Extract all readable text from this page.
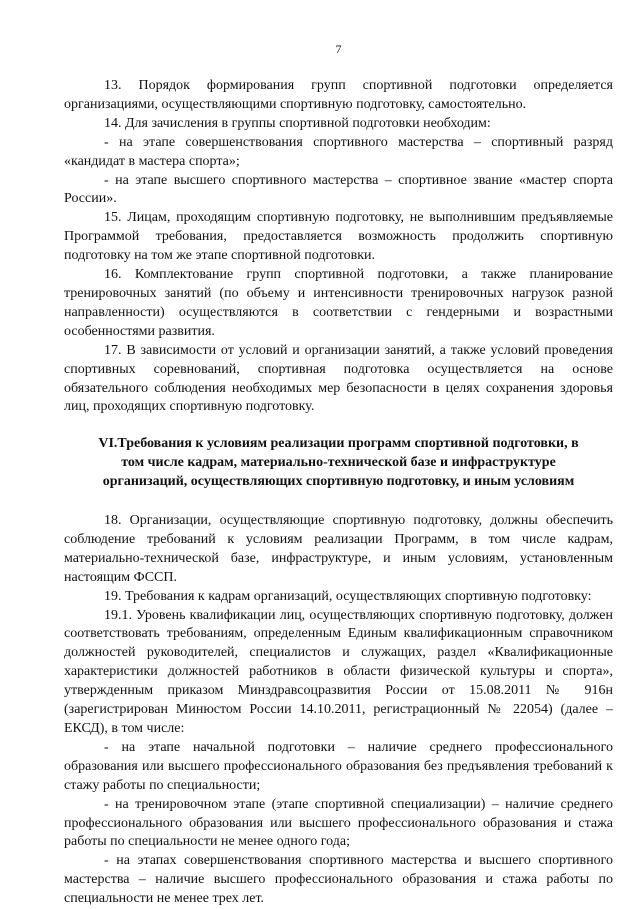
7

13. Порядок формирования групп спортивной подготовки определяется организациями, осуществляющими спортивную подготовку, самостоятельно.

14. Для зачисления в группы спортивной подготовки необходим:

- на этапе совершенствования спортивного мастерства – спортивный разряд «кандидат в мастера спорта»;

- на этапе высшего спортивного мастерства – спортивное звание «мастер спорта России».

15. Лицам, проходящим спортивную подготовку, не выполнившим предъявляемые Программой требования, предоставляется возможность продолжить спортивную подготовку на том же этапе спортивной подготовки.

16. Комплектование групп спортивной подготовки, а также планирование тренировочных занятий (по объему и интенсивности тренировочных нагрузок разной направленности) осуществляются в соответствии с гендерными и возрастными особенностями развития.

17. В зависимости от условий и организации занятий, а также условий проведения спортивных соревнований, спортивная подготовка осуществляется на основе обязательного соблюдения необходимых мер безопасности в целях сохранения здоровья лиц, проходящих спортивную подготовку.

VI.Требования к условиям реализации программ спортивной подготовки, в
том числе кадрам, материально-технической базе и инфраструктуре
организаций, осуществляющих спортивную подготовку, и иным условиям

18. Организации, осуществляющие спортивную подготовку, должны обеспечить соблюдение требований к условиям реализации Программ, в том числе кадрам, материально-технической базе, инфраструктуре, и иным условиям, установленным настоящим ФССП.

19. Требования к кадрам организаций, осуществляющих спортивную подготовку:

19.1. Уровень квалификации лиц, осуществляющих спортивную подготовку, должен соответствовать требованиям, определенным Единым квалификационным справочником должностей руководителей, специалистов и служащих, раздел «Квалификационные характеристики должностей работников в области физической культуры и спорта», утвержденным приказом Минздравсоцразвития России от 15.08.2011 № 916н (зарегистрирован Минюстом России 14.10.2011, регистрационный № 22054) (далее – ЕКСД), в том числе:

- на этапе начальной подготовки – наличие среднего профессионального образования или высшего профессионального образования без предъявления требований к стажу работы по специальности;

- на тренировочном этапе (этапе спортивной специализации) – наличие среднего профессионального образования или высшего профессионального образования и стажа работы по специальности не менее одного года;

- на этапах совершенствования спортивного мастерства и высшего спортивного мастерства – наличие высшего профессионального образования и стажа работы по специальности не менее трех лет.
